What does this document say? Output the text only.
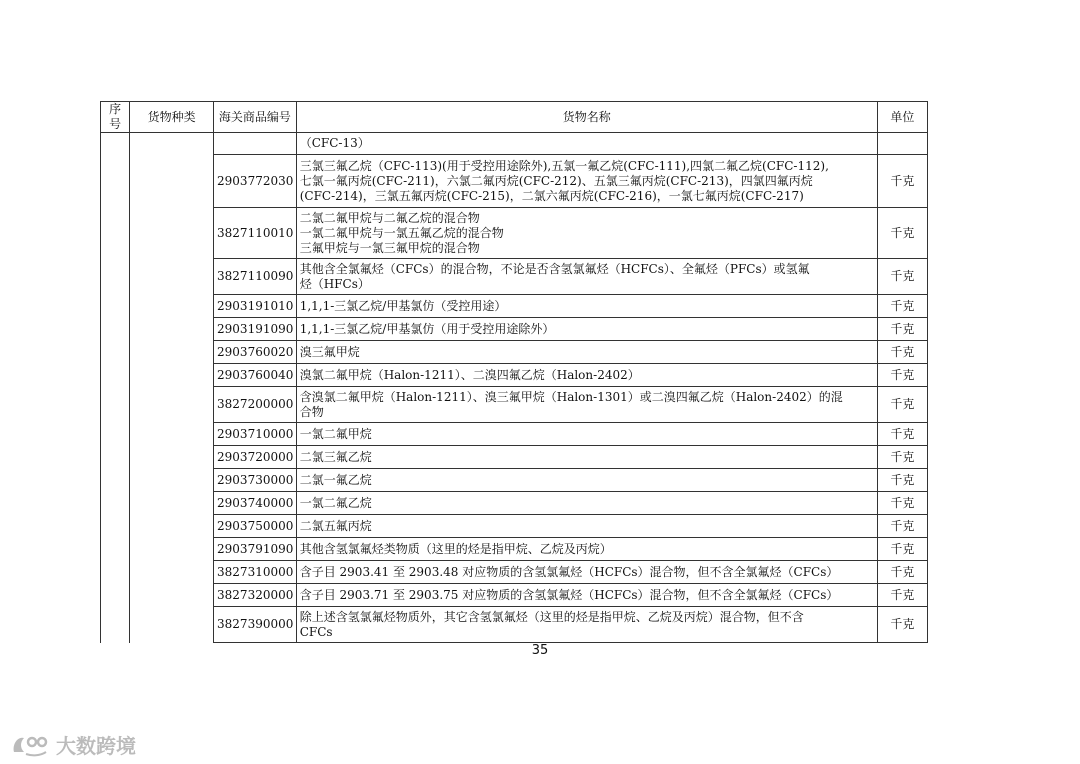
序号	货物种类	海关商品编号	货物名称	单位
			（CFC-13）	
		2903772030	三氯三氟乙烷（CFC-113)(用于受控用途除外),五氯一氟乙烷(CFC-111),四氯二氟乙烷(CFC-112),
七氯一氟丙烷(CFC-211)，六氯二氟丙烷(CFC-212)、五氯三氟丙烷(CFC-213)，四氯四氟丙烷
(CFC-214)，三氯五氟丙烷(CFC-215)，二氯六氟丙烷(CFC-216)，一氯七氟丙烷(CFC-217)	千克
		3827110010	二氯二氟甲烷与二氟乙烷的混合物
一氯二氟甲烷与一氯五氟乙烷的混合物
三氟甲烷与一氯三氟甲烷的混合物	千克
		3827110090	其他含全氯氟烃（CFCs）的混合物，不论是否含氢氯氟烃（HCFCs）、全氟烃（PFCs）或氢氟
烃（HFCs）	千克
		2903191010	1,1,1-三氯乙烷/甲基氯仿（受控用途）	千克
		2903191090	1,1,1-三氯乙烷/甲基氯仿（用于受控用途除外）	千克
		2903760020	溴三氟甲烷	千克
		2903760040	溴氯二氟甲烷（Halon-1211）、二溴四氟乙烷（Halon-2402）	千克
		3827200000	含溴氯二氟甲烷（Halon-1211）、溴三氟甲烷（Halon-1301）或二溴四氟乙烷（Halon-2402）的混
合物	千克
		2903710000	一氯二氟甲烷	千克
		2903720000	二氯三氟乙烷	千克
		2903730000	二氯一氟乙烷	千克
		2903740000	一氯二氟乙烷	千克
		2903750000	二氯五氟丙烷	千克
		2903791090	其他含氢氯氟烃类物质（这里的烃是指甲烷、乙烷及丙烷）	千克
		3827310000	含子目 2903.41 至 2903.48 对应物质的含氢氯氟烃（HCFCs）混合物，但不含全氯氟烃（CFCs）	千克
		3827320000	含子目 2903.71 至 2903.75 对应物质的含氢氯氟烃（HCFCs）混合物，但不含全氯氟烃（CFCs）	千克
		3827390000	除上述含氢氯氟烃物质外，其它含氢氯氟烃（这里的烃是指甲烷、乙烷及丙烷）混合物，但不含
CFCs	千克
35
大数跨境
